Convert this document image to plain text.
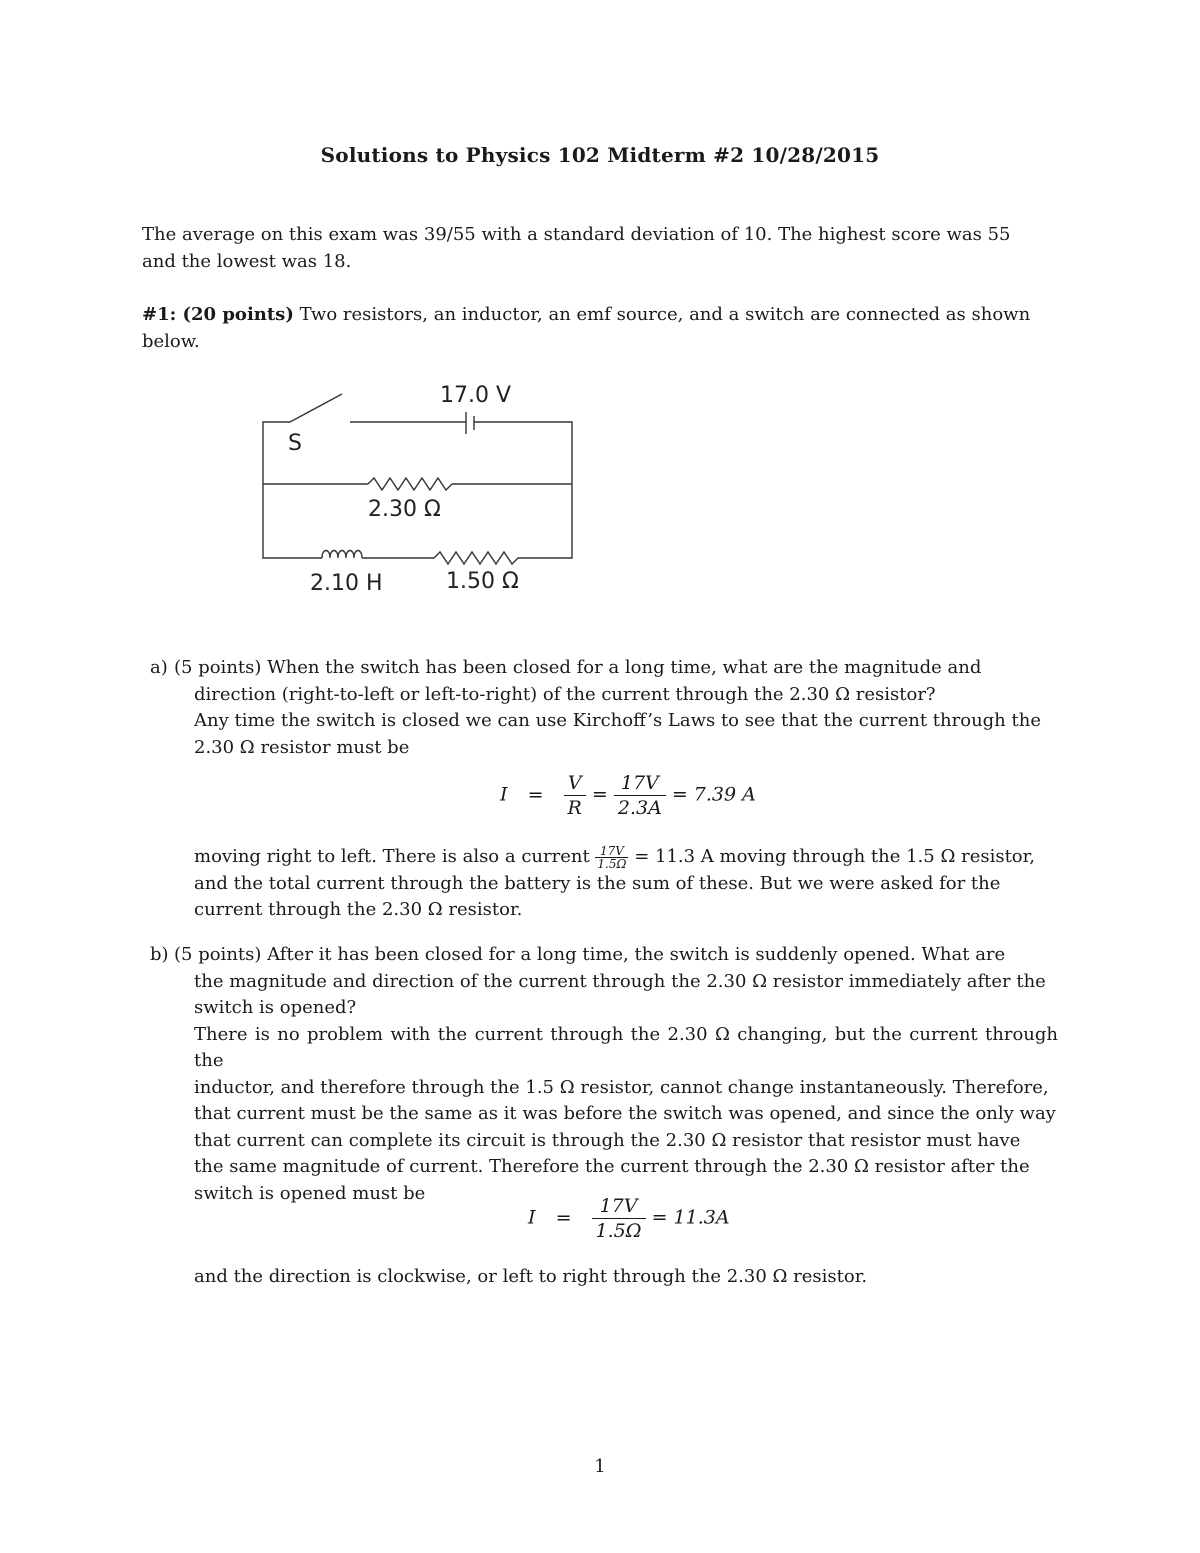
Solutions to Physics 102 Midterm #2 10/28/2015
The average on this exam was 39/55 with a standard deviation of 10. The highest score was 55
and the lowest was 18.
#1: (20 points) Two resistors, an inductor, an emf source, and a switch are connected as shown
below.
17.0 V
S
2.30 Ω
2.10 H	1.50 Ω
a) (5 points) When the switch has been closed for a long time, what are the magnitude and
direction (right-to-left or left-to-right) of the current through the 2.30 Ω resistor?
Any time the switch is closed we can use Kirchoff’s Laws to see that the current through the
2.30 Ω resistor must be
$I = \frac{V}{R} = \frac{17V}{2.3A} = 7.39$ A
moving right to left. There is also a current $\frac{17V}{1.5\Omega} = 11.3$ A moving through the 1.5 Ω resistor,
and the total current through the battery is the sum of these. But we were asked for the
current through the 2.30 Ω resistor.
b) (5 points) After it has been closed for a long time, the switch is suddenly opened. What are
the magnitude and direction of the current through the 2.30 Ω resistor immediately after the
switch is opened?
There is no problem with the current through the 2.30 Ω changing, but the current through the
inductor, and therefore through the 1.5 Ω resistor, cannot change instantaneously. Therefore,
that current must be the same as it was before the switch was opened, and since the only way
that current can complete its circuit is through the 2.30 Ω resistor that resistor must have
the same magnitude of current. Therefore the current through the 2.30 Ω resistor after the
switch is opened must be
$I = \frac{17V}{1.5\Omega} = 11.3A$
and the direction is clockwise, or left to right through the 2.30 Ω resistor.
1
